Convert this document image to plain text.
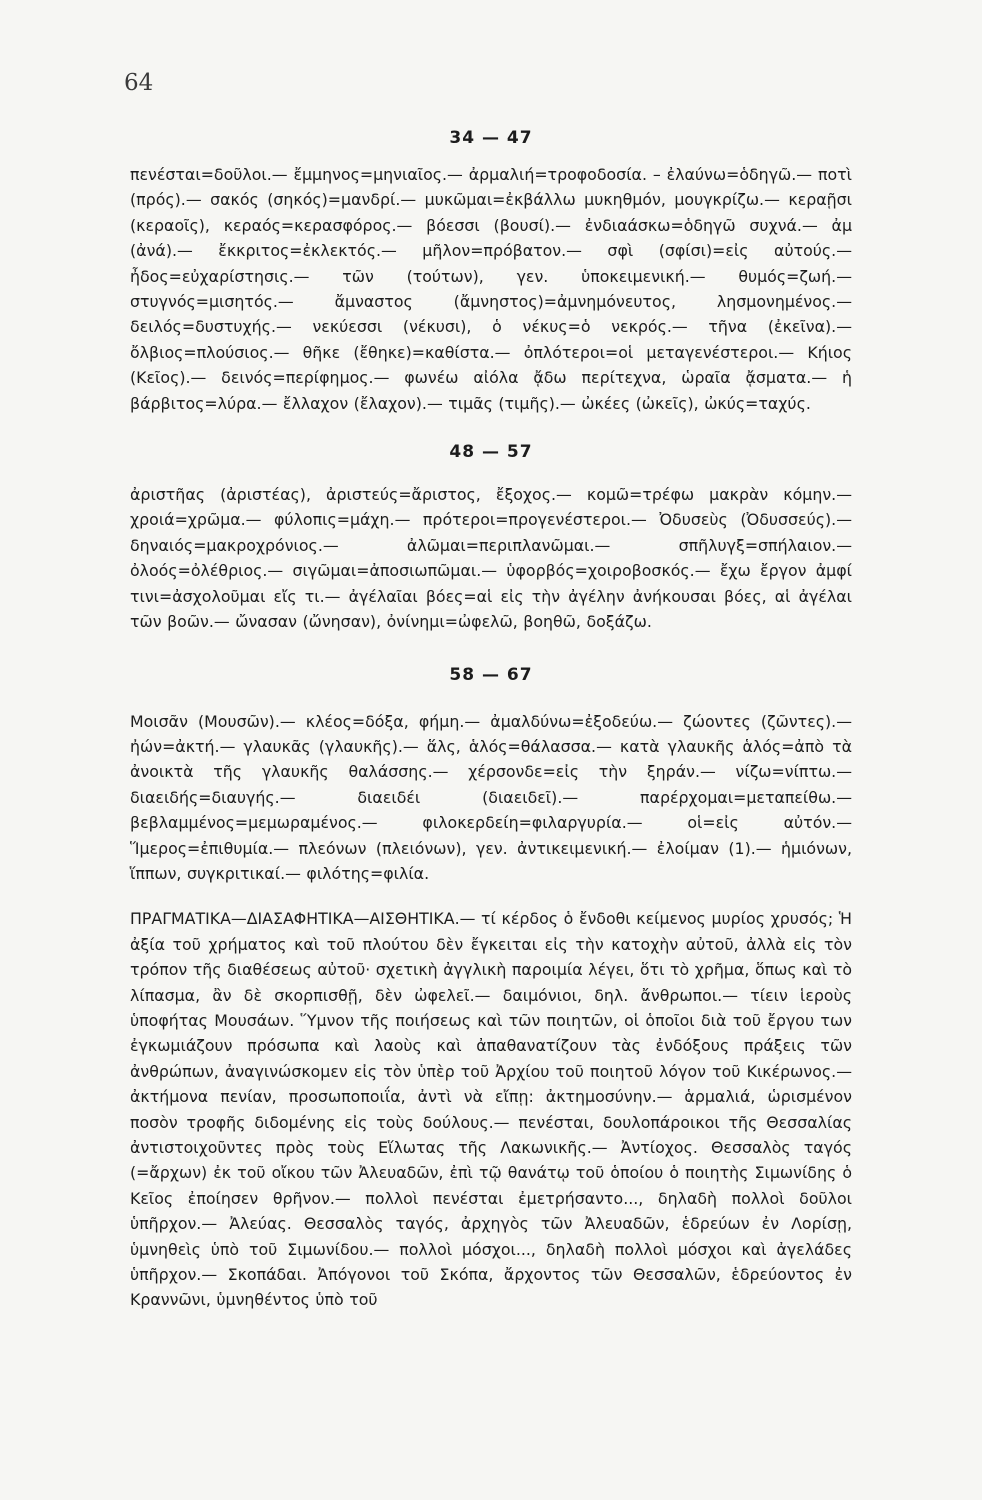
64
34 — 47

πενέσται=δοῦλοι.— ἔμμηνος=μηνιαῖος.— ἀρμαλιή=τροφοδοσία. – ἐλαύνω=ὁδηγῶ.— ποτὶ (πρός).— σακός (σηκός)=μανδρί.— μυκῶμαι=ἐκβάλλω μυκηθμόν, μουγκρίζω.— κεραῇσι (κεραοῖς), κεραός=κερασφόρος.— βόεσσι (βουσί).— ἐνδιαάσκω=ὁδηγῶ συχνά.— ἀμ (ἀνά).— ἔκκριτος=ἐκλεκτός.— μῆλον=πρόβατον.— σφὶ (σφίσι)=εἰς αὐτούς.— ἦδος=εὐχαρίστησις.— τῶν (τούτων), γεν. ὑποκειμενική.— θυμός=ζωή.— στυγνός=μισητός.— ἄμναστος (ἄμνηστος)=ἀμνημόνευτος, λησμονημένος.— δειλός=δυστυχής.— νεκύεσσι (νέκυσι), ὁ νέκυς=ὁ νεκρός.— τῆνα (ἐκεῖνα).— ὄλβιος=πλούσιος.— θῆκε (ἔθηκε)=καθίστα.— ὀπλότεροι=οἱ μεταγενέστεροι.— Κήιος (Κεῖος).— δεινός=περίφημος.— φωνέω αἰόλα ᾄδω περίτεχνα, ὡραῖα ᾄσματα.— ἡ βάρβιτος=λύρα.— ἔλλαχον (ἔλαχον).— τιμᾶς (τιμῆς).— ὠκέες (ὠκεῖς), ὠκύς=ταχύς.

48 — 57

ἀριστῆας (ἀριστέας), ἀριστεύς=ἄριστος, ἔξοχος.— κομῶ=τρέφω μακρὰν κόμην.— χροιά=χρῶμα.— φύλοπις=μάχη.— πρότεροι=προγενέστεροι.— Ὀδυσεὺς (Ὀδυσσεύς).— δηναιός=μακροχρόνιος.— ἀλῶμαι=περιπλανῶμαι.— σπῆλυγξ=σπήλαιον.— ὀλοός=ὀλέθριος.— σιγῶμαι=ἀποσιωπῶμαι.— ὑφορβός=χοιροβοσκός.— ἔχω ἔργον ἀμφί τινι=ἀσχολοῦμαι εἴς τι.— ἀγέλαῖαι βόες=αἱ εἰς τὴν ἀγέλην ἀνήκουσαι βόες, αἱ ἀγέλαι τῶν βοῶν.— ὤνασαν (ὤνησαν), ὀνίνημι=ὠφελῶ, βοηθῶ, δοξάζω.

58 — 67

Μοισᾶν (Μουσῶν).— κλέος=δόξα, φήμη.— ἀμαλδύνω=ἐξοδεύω.— ζώοντες (ζῶντες).— ἠών=ἀκτή.— γλαυκᾶς (γλαυκῆς).— ἅλς, ἁλός=θάλασσα.— κατὰ γλαυκῆς ἁλός=ἀπὸ τὰ ἀνοικτὰ τῆς γλαυκῆς θαλάσσης.— χέρσονδε=εἰς τὴν ξηράν.— νίζω=νίπτω.— διαειδής=διαυγής.— διαειδέι (διαειδεῖ).— παρέρχομαι=μεταπείθω.— βεβλαμμένος=μεμωραμένος.— φιλοκερδείη=φιλαργυρία.— οἱ=εἰς αὐτόν.— Ἵμερος=ἐπιθυμία.— πλεόνων (πλειόνων), γεν. ἀντικειμενική.— ἐλοίμαν (1).— ἡμιόνων, ἵππων, συγκριτικαί.— φιλότης=φιλία.

ΠΡΑΓΜΑΤΙΚΑ—ΔΙΑΣΑΦΗΤΙΚΑ—ΑΙΣΘΗΤΙΚΑ.— τί κέρδος ὁ ἔνδοθι κείμενος μυρίος χρυσός; Ἡ ἀξία τοῦ χρήματος καὶ τοῦ πλούτου δὲν ἔγκειται εἰς τὴν κατοχὴν αὐτοῦ, ἀλλὰ εἰς τὸν τρόπον τῆς διαθέσεως αὐτοῦ· σχετικὴ ἀγγλικὴ παροιμία λέγει, ὅτι τὸ χρῆμα, ὅπως καὶ τὸ λίπασμα, ἂν δὲ σκορπισθῇ, δὲν ὠφελεῖ.— δαιμόνιοι, δηλ. ἄνθρωποι.— τίειν ἱεροὺς ὑποφήτας Μουσάων. Ὕμνον τῆς ποιήσεως καὶ τῶν ποιητῶν, οἱ ὁποῖοι διὰ τοῦ ἔργου των ἐγκωμιάζουν πρόσωπα καὶ λαοὺς καὶ ἀπαθανατίζουν τὰς ἐνδόξους πράξεις τῶν ἀνθρώπων, ἀναγινώσκομεν εἰς τὸν ὑπὲρ τοῦ Ἀρχίου τοῦ ποιητοῦ λόγον τοῦ Κικέρωνος.— ἀκτήμονα πενίαν, προσωποποιΐα, ἀντὶ νὰ εἴπῃ: ἀκτημοσύνην.— ἁρμαλιά, ὡρισμένον ποσὸν τροφῆς διδομένης εἰς τοὺς δούλους.— πενέσται, δουλοπάροικοι τῆς Θεσσαλίας ἀντιστοιχοῦντες πρὸς τοὺς Εἵλωτας τῆς Λακωνικῆς.— Ἀντίοχος. Θεσσαλὸς ταγός (=ἄρχων) ἐκ τοῦ οἴκου τῶν Ἀλευαδῶν, ἐπὶ τῷ θανάτῳ τοῦ ὁποίου ὁ ποιητὴς Σιμωνίδης ὁ Κεῖος ἐποίησεν θρῆνον.— πολλοὶ πενέσται ἐμετρήσαντο..., δηλαδὴ πολλοὶ δοῦλοι ὑπῆρχον.— Ἀλεύας. Θεσσαλὸς ταγός, ἀρχηγὸς τῶν Ἀλευαδῶν, ἑδρεύων ἐν Λορίσῃ, ὑμνηθεὶς ὑπὸ τοῦ Σιμωνίδου.— πολλοὶ μόσχοι..., δηλαδὴ πολλοὶ μόσχοι καὶ ἀγελάδες ὑπῆρχον.— Σκοπάδαι. Ἀπόγονοι τοῦ Σκόπα, ἄρχοντος τῶν Θεσσαλῶν, ἑδρεύοντος ἐν Κραννῶνι, ὑμνηθέντος ὑπὸ τοῦ
